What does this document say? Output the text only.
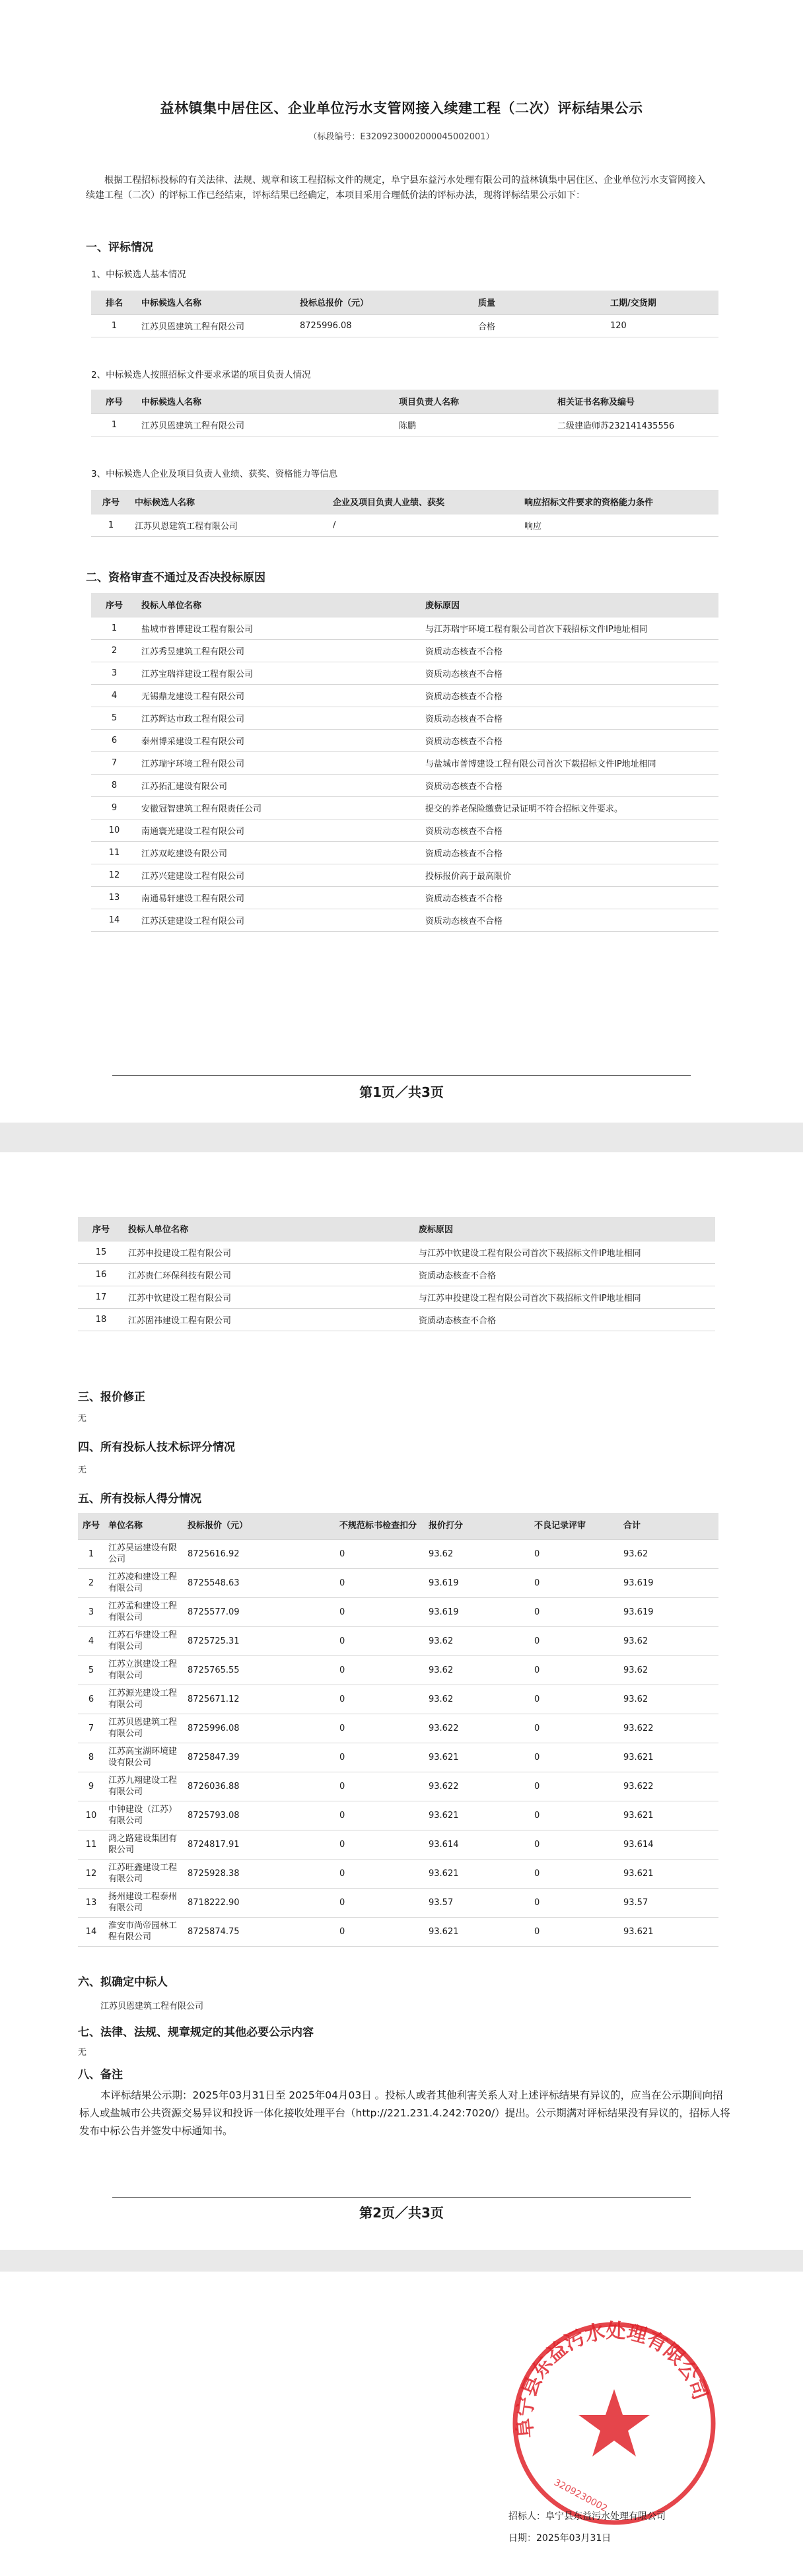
益林镇集中居住区、企业单位污水支管网接入续建工程（二次）评标结果公示
（标段编号：E3209230002000045002001）
根据工程招标投标的有关法律、法规、规章和该工程招标文件的规定，阜宁县东益污水处理有限公司的益林镇集中居住区、企业单位污水支管网接入续建工程（二次）的评标工作已经结束，评标结果已经确定，本项目采用合理低价法的评标办法，现将评标结果公示如下：
一、评标情况
1、中标候选人基本情况
排名	中标候选人名称	投标总报价（元）	质量	工期/交货期
1	江苏贝恩建筑工程有限公司	8725996.08	合格	120
2、中标候选人按照招标文件要求承诺的项目负责人情况
序号	中标候选人名称	项目负责人名称	相关证书名称及编号
1	江苏贝恩建筑工程有限公司	陈鹏	二级建造师苏232141435556
3、中标候选人企业及项目负责人业绩、获奖、资格能力等信息
序号	中标候选人名称	企业及项目负责人业绩、获奖	响应招标文件要求的资格能力条件
1	江苏贝恩建筑工程有限公司	/	响应
二、资格审查不通过及否决投标原因
序号	投标人单位名称	废标原因
1	盐城市普博建设工程有限公司	与江苏瑞宇环境工程有限公司首次下载招标文件IP地址相同
2	江苏秀昱建筑工程有限公司	资质动态核查不合格
3	江苏宝瑞祥建设工程有限公司	资质动态核查不合格
4	无锡鼎龙建设工程有限公司	资质动态核查不合格
5	江苏辉达市政工程有限公司	资质动态核查不合格
6	泰州博采建设工程有限公司	资质动态核查不合格
7	江苏瑞宇环境工程有限公司	与盐城市普博建设工程有限公司首次下载招标文件IP地址相同
8	江苏拓汇建设有限公司	资质动态核查不合格
9	安徽冠智建筑工程有限责任公司	提交的养老保险缴费记录证明不符合招标文件要求。
10	南通寰光建设工程有限公司	资质动态核查不合格
11	江苏双屹建设有限公司	资质动态核查不合格
12	江苏兴建建设工程有限公司	投标报价高于最高限价
13	南通易轩建设工程有限公司	资质动态核查不合格
14	江苏沃建建设工程有限公司	资质动态核查不合格
第1页／共3页
序号	投标人单位名称	废标原因
15	江苏申投建设工程有限公司	与江苏中钦建设工程有限公司首次下载招标文件IP地址相同
16	江苏贵仁环保科技有限公司	资质动态核查不合格
17	江苏中钦建设工程有限公司	与江苏申投建设工程有限公司首次下载招标文件IP地址相同
18	江苏固祎建设工程有限公司	资质动态核查不合格
三、报价修正
无
四、所有投标人技术标评分情况
无
五、所有投标人得分情况
序号	单位名称	投标报价（元）	不规范标书检查扣分	报价打分	不良记录评审	合计
1	江苏昊运建设有限公司	8725616.92	0	93.62	0	93.62
2	江苏凌和建设工程有限公司	8725548.63	0	93.619	0	93.619
3	江苏孟和建设工程有限公司	8725577.09	0	93.619	0	93.619
4	江苏石华建设工程有限公司	8725725.31	0	93.62	0	93.62
5	江苏立淇建设工程有限公司	8725765.55	0	93.62	0	93.62
6	江苏源光建设工程有限公司	8725671.12	0	93.62	0	93.62
7	江苏贝恩建筑工程有限公司	8725996.08	0	93.622	0	93.622
8	江苏高宝湖环境建设有限公司	8725847.39	0	93.621	0	93.621
9	江苏九翔建设工程有限公司	8726036.88	0	93.622	0	93.622
10	中钟建设（江苏）有限公司	8725793.08	0	93.621	0	93.621
11	鸿之路建设集团有限公司	8724817.91	0	93.614	0	93.614
12	江苏旺鑫建设工程有限公司	8725928.38	0	93.621	0	93.621
13	扬州建设工程泰州有限公司	8718222.90	0	93.57	0	93.57
14	淮安市尚帝园林工程有限公司	8725874.75	0	93.621	0	93.621
六、拟确定中标人
江苏贝恩建筑工程有限公司
七、法律、法规、规章规定的其他必要公示内容
无
八、备注
第2页／共3页
本评标结果公示期：2025年03月31日至 2025年04月03日 。投标人或者其他利害关系人对上述评标结果有异议的，应当在公示期间向招标人或盐城市公共资源交易异议和投诉一体化接收处理平台（http://221.231.4.242:7020/）提出。公示期满对评标结果没有异议的，招标人将发布中标公告并签发中标通知书。
阜宁县东益污水处理有限公司
3209230002
招标人：阜宁县东益污水处理有限公司
日期：2025年03月31日
